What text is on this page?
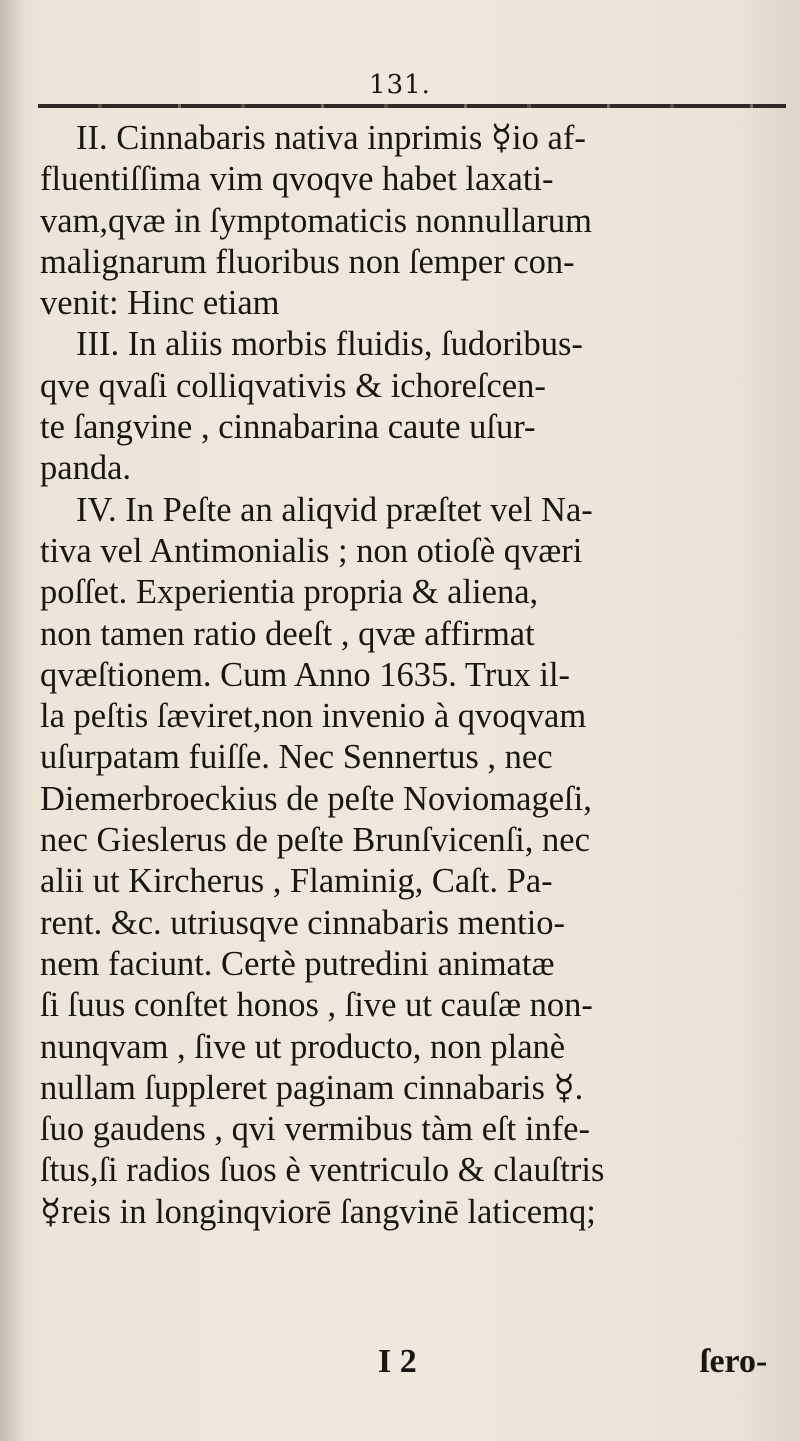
131.
II. Cinnabaris nativa inprimis ☿io af-
fluentiſſima vim qvoqve habet laxati-
vam,qvæ in ſymptomaticis nonnullarum
malignarum fluoribus non ſemper con-
venit: Hinc etiam
III. In aliis morbis fluidis, ſudoribus-
qve qvaſi colliqvativis & ichoreſcen-
te ſangvine , cinnabarina caute uſur-
panda.
IV. In Peſte an aliqvid præſtet vel Na-
tiva vel Antimonialis ; non otioſè qværi
poſſet. Experientia propria & aliena,
non tamen ratio deeſt , qvæ affirmat
qvæſtionem. Cum Anno 1635. Trux il-
la peſtis ſæviret,non invenio à qvoqvam
uſurpatam fuiſſe. Nec Sennertus , nec
Diemerbroeckius de peſte Noviomageſi,
nec Gieslerus de peſte Brunſvicenſi, nec
alii ut Kircherus , Flaminig, Caſt. Pa-
rent. &c. utriusqve cinnabaris mentio-
nem faciunt. Certè putredini animatæ
ſi ſuus conſtet honos , ſive ut cauſæ non-
nunqvam , ſive ut producto, non planè
nullam ſuppleret paginam cinnabaris ☿.
ſuo gaudens , qvi vermibus tàm eſt infe-
ſtus,ſi radios ſuos è ventriculo & clauſtris
☿reis in longinqviorē ſangvinē laticemq;
I 2	ſero-
